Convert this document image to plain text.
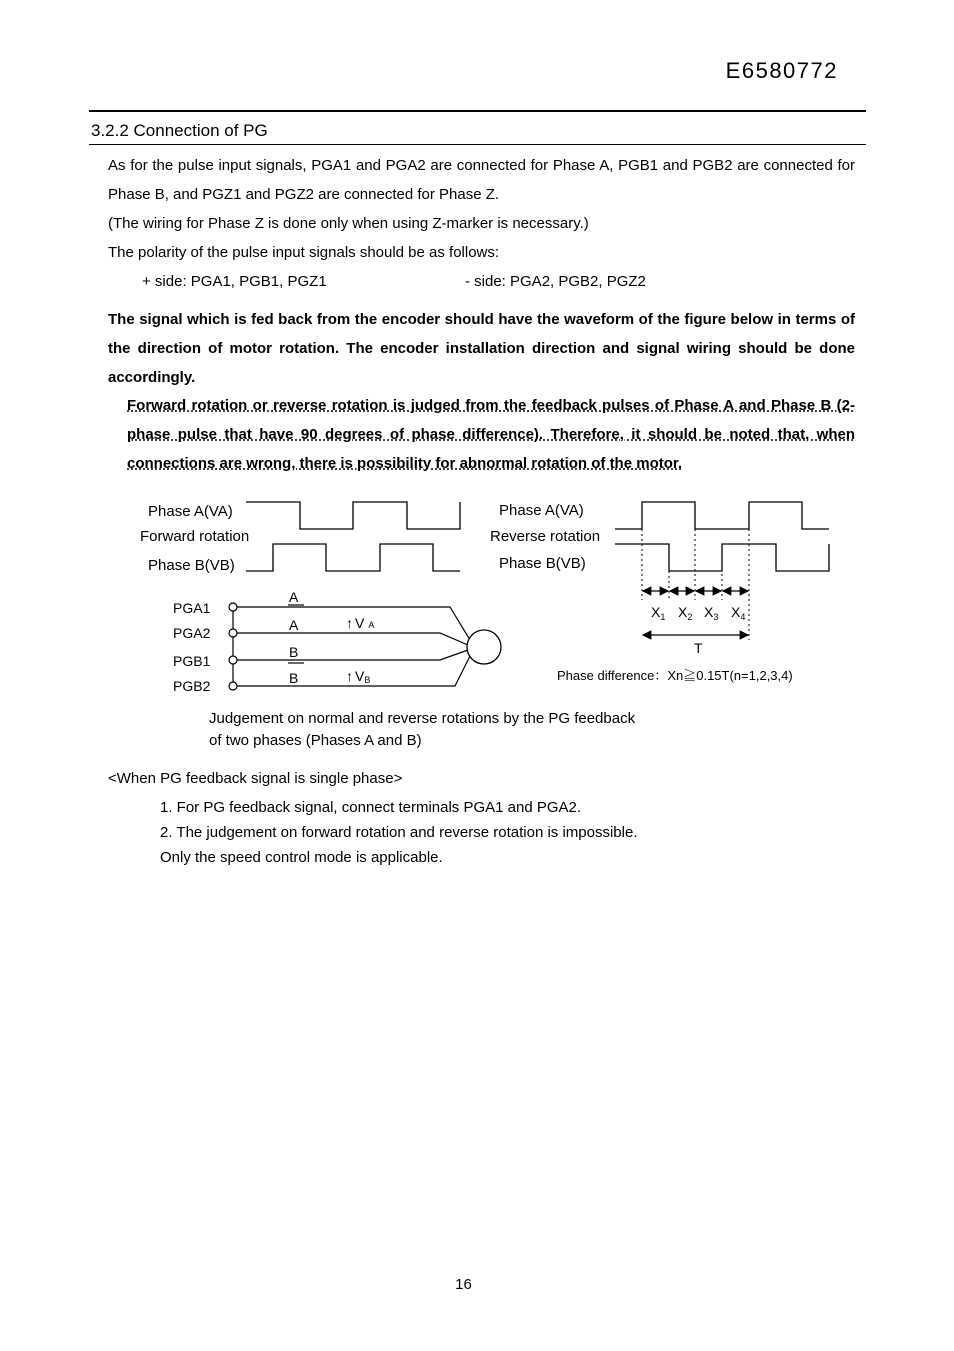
E6580772
3.2.2 Connection of PG
As for the pulse input signals, PGA1 and PGA2 are connected for Phase A, PGB1 and PGB2 are connected for Phase B, and PGZ1 and PGZ2 are connected for Phase Z.
(The wiring for Phase Z is done only when using Z-marker is necessary.)
The polarity of the pulse input signals should be as follows:
+ side: PGA1, PGB1, PGZ1	- side: PGA2, PGB2, PGZ2
The signal which is fed back from the encoder should have the waveform of the figure below in terms of the direction of motor rotation. The encoder installation direction and signal wiring should be done accordingly.
Forward rotation or reverse rotation is judged from the feedback pulses of Phase A and Phase B (2-phase pulse that have 90 degrees of phase difference). Therefore, it should be noted that, when connections are wrong, there is possibility for abnormal rotation of the motor.
$X_1$ $X_2$ $X_3$ $X_4$
T
Phase difference：Xn≧0.15T(n=1,2,3,4)
Phase A(VA)
Forward rotation
Phase B(VB)
Phase A(VA)
Reverse rotation
Phase B(VB)
PGA1
PGA2
PGB1
PGB2
A
A
B
B
↑ V A
↑ VB
Judgement on normal and reverse rotations by the PG feedback
of two phases (Phases A and B)
<When PG feedback signal is single phase>
1. For PG feedback signal, connect terminals PGA1 and PGA2.
2. The judgement on forward rotation and reverse rotation is impossible.
Only the speed control mode is applicable.
16
